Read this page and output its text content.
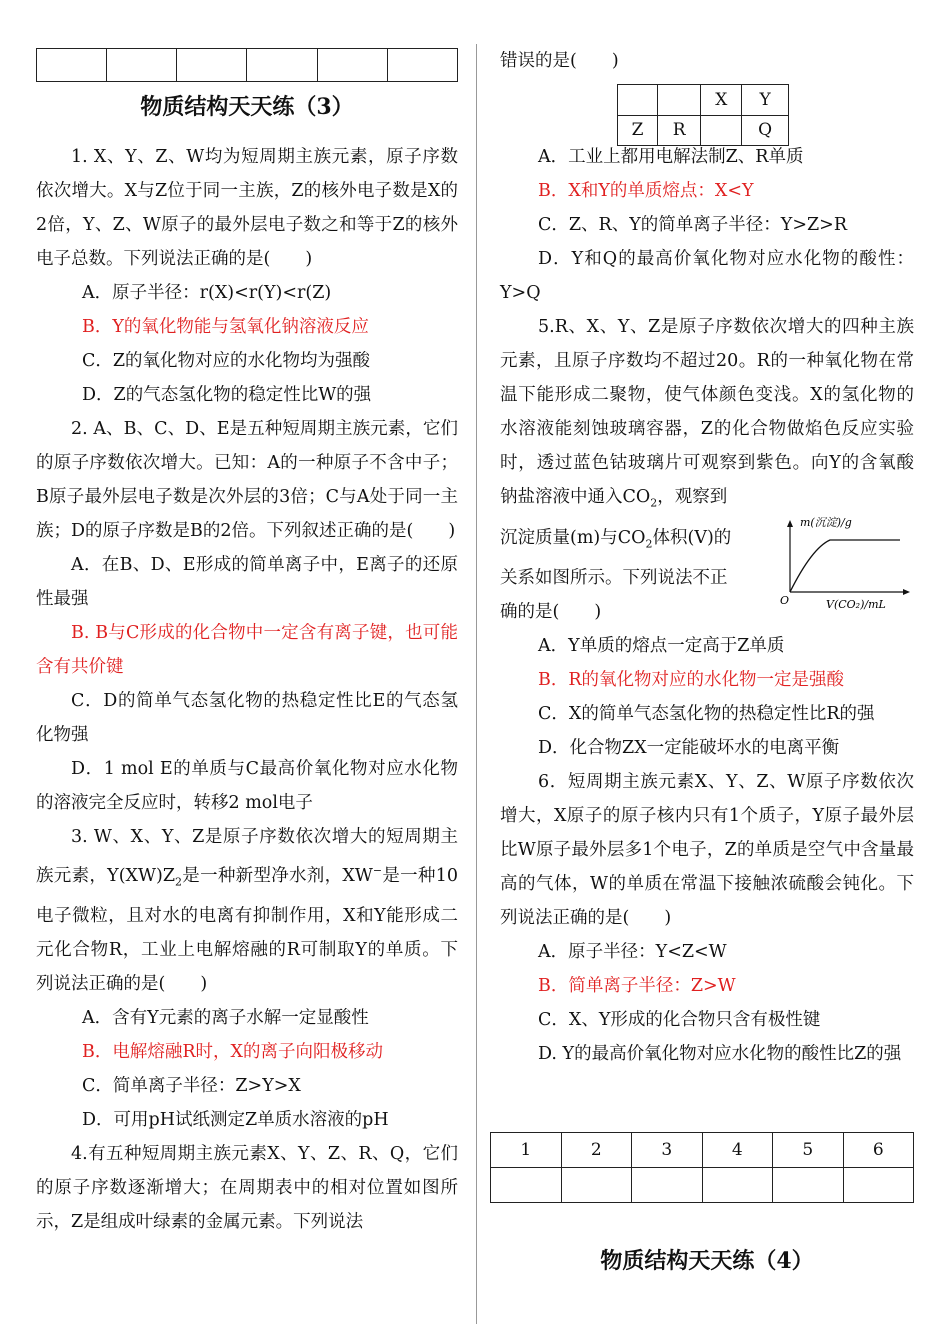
物质结构天天练（3）

1. X、Y、Z、W均为短周期主族元素，原子序数依次增大。X与Z位于同一主族，Z的核外电子数是X的2倍，Y、Z、W原子的最外层电子数之和等于Z的核外电子总数。下列说法正确的是(　　)

A．原子半径：r(X)<r(Y)<r(Z)

B．Y的氧化物能与氢氧化钠溶液反应

C．Z的氧化物对应的水化物均为强酸

D．Z的气态氢化物的稳定性比W的强

2. A、B、C、D、E是五种短周期主族元素，它们的原子序数依次增大。已知：A的一种原子不含中子；B原子最外层电子数是次外层的3倍；C与A处于同一主族；D的原子序数是B的2倍。下列叙述正确的是(　　)

A．在B、D、E形成的简单离子中，E离子的还原性最强

B. B与C形成的化合物中一定含有离子键，也可能含有共价键

C．D的简单气态氢化物的热稳定性比E的气态氢化物强

D．1 mol E的单质与C最高价氧化物对应水化物的溶液完全反应时，转移2 mol电子

3. W、X、Y、Z是原子序数依次增大的短周期主族元素，$Y(XW)Z_2$是一种新型净水剂，XW−是一种10电子微粒，且对水的电离有抑制作用，X和Y能形成二元化合物R，工业上电解熔融的R可制取Y的单质。下列说法正确的是(　　)

A．含有Y元素的离子水解一定显酸性

B．电解熔融R时，X的离子向阳极移动

C．简单离子半径：Z>Y>X

D．可用pH试纸测定Z单质水溶液的pH

4.有五种短周期主族元素X、Y、Z、R、Q，它们的原子序数逐渐增大；在周期表中的相对位置如图所示，Z是组成叶绿素的金属元素。下列说法

错误的是(　　)

		X	Y
Z	R		Q

A．工业上都用电解法制Z、R单质

B．X和Y的单质熔点：X<Y

C．Z、R、Y的简单离子半径：Y>Z>R

D．Y和Q的最高价氧化物对应水化物的酸性：Y>Q

5.R、X、Y、Z是原子序数依次增大的四种主族元素，且原子序数均不超过20。R的一种氧化物在常温下能形成二聚物，使气体颜色变浅。X的氢化物的水溶液能刻蚀玻璃容器，Z的化合物做焰色反应实验时，透过蓝色钴玻璃片可观察到紫色。向Y的含氧酸钠盐溶液中通入$CO_2$，观察到

沉淀质量(m)与$CO_2$体积(V)的

关系如图所示。下列说法不正

确的是(　　)

A．Y单质的熔点一定高于Z单质

B．R的氧化物对应的水化物一定是强酸

C．X的简单气态氢化物的热稳定性比R的强

D．化合物ZX一定能破坏水的电离平衡

6．短周期主族元素X、Y、Z、W原子序数依次增大，X原子的原子核内只有1个质子，Y原子最外层比W原子最外层多1个电子，Z的单质是空气中含量最高的气体，W的单质在常温下接触浓硫酸会钝化。下列说法正确的是(　　)

A．原子半径：Y<Z<W

B．简单离子半径：Z>W

C．X、Y形成的化合物只含有极性键

D. Y的最高价氧化物对应水化物的酸性比Z的强

m(沉淀)/g
O	V(CO₂)/mL
1	2	3	4	5	6

物质结构天天练（4）
